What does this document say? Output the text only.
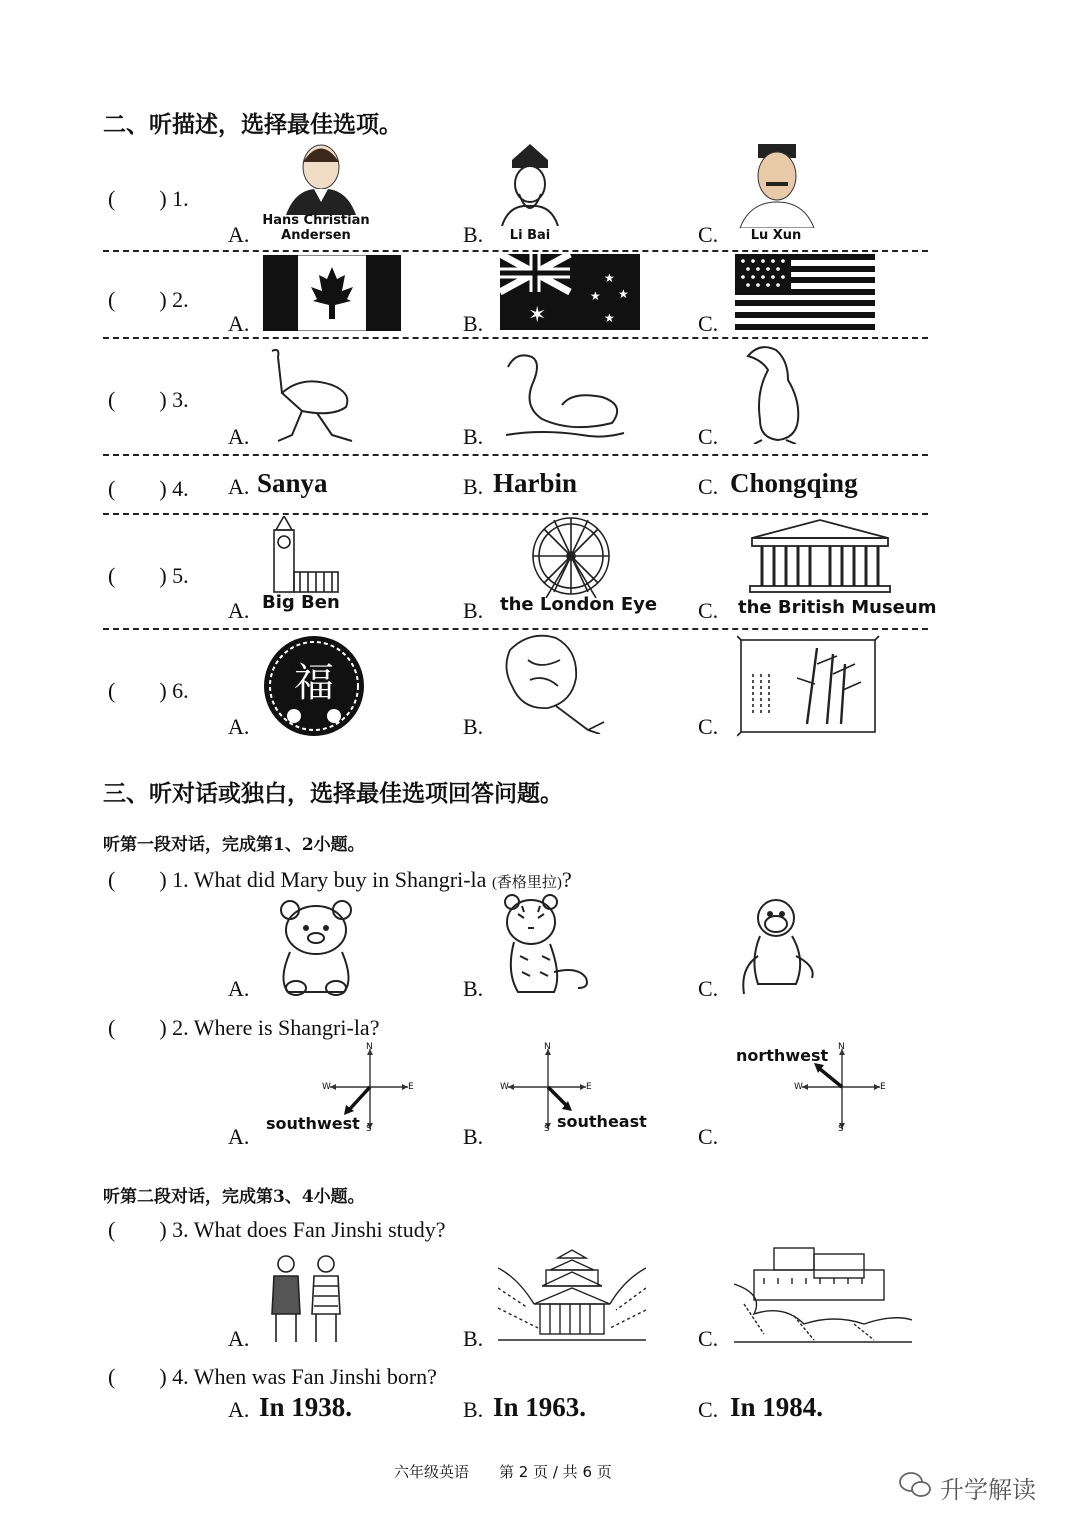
二、听描述，选择最佳选项。
(　　) 1.
A.
Hans Christian Andersen	B.	Li Bai	C.	Lu Xun
(　　) 2.
A.	B. ✶
★
★ ★
★	C.
(　　) 3.
A.	B.	C.
(　　) 4. A. Sanya	B. Harbin	C. Chongqing
(　　) 5.
A. Big Ben	B. the London Eye C. the British Museum
(　　) 6.
A.
福
B.	C.
三、听对话或独白，选择最佳选项回答问题。
听第一段对话，完成第1、2小题。
(　　) 1. What did Mary buy in Shangri-la (香格里拉)?
A.	B.	C.
(　　) 2. Where is Shangri-la?
A.
N
W	E
S
southwest
B.
N
W	E
S southeast
C.
N
W	E
S
northwest
听第二段对话，完成第3、4小题。
(　　) 3. What does Fan Jinshi study?
A.	B.	C.
(　　) 4. When was Fan Jinshi born?
A. In 1938.	B. In 1963.	C. In 1984.
六年级英语　　第 2 页 / 共 6 页
升学解读
